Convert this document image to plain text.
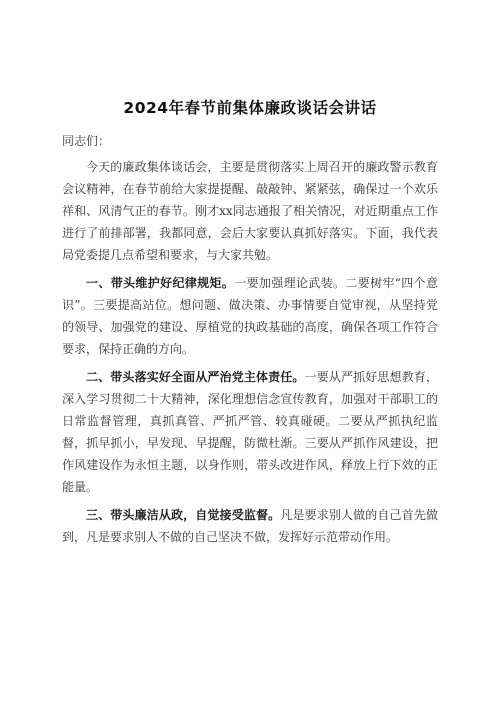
2024年春节前集体廉政谈话会讲话

同志们：

今天的廉政集体谈话会，主要是贯彻落实上周召开的廉政警示教育会议精神，在春节前给大家提提醒、敲敲钟、紧紧弦，确保过一个欢乐祥和、风清气正的春节。刚才xx同志通报了相关情况，对近期重点工作进行了前排部署，我都同意，会后大家要认真抓好落实。下面，我代表局党委提几点希望和要求，与大家共勉。

一、带头维护好纪律规矩。一要加强理论武装。二要树牢“四个意识”。三要提高站位。想问题、做决策、办事情要自觉审视，从坚持党的领导、加强党的建设、厚植党的执政基础的高度，确保各项工作符合要求，保持正确的方向。

二、带头落实好全面从严治党主体责任。一要从严抓好思想教育，深入学习贯彻二十大精神，深化理想信念宣传教育，加强对干部职工的日常监督管理，真抓真管、严抓严管、较真碰硬。二要从严抓执纪监督，抓早抓小，早发现、早提醒，防微杜渐。三要从严抓作风建设，把作风建设作为永恒主题，以身作则，带头改进作风，释放上行下效的正能量。

三、带头廉洁从政，自觉接受监督。凡是要求别人做的自己首先做到，凡是要求别人不做的自己坚决不做，发挥好示范带动作用。
